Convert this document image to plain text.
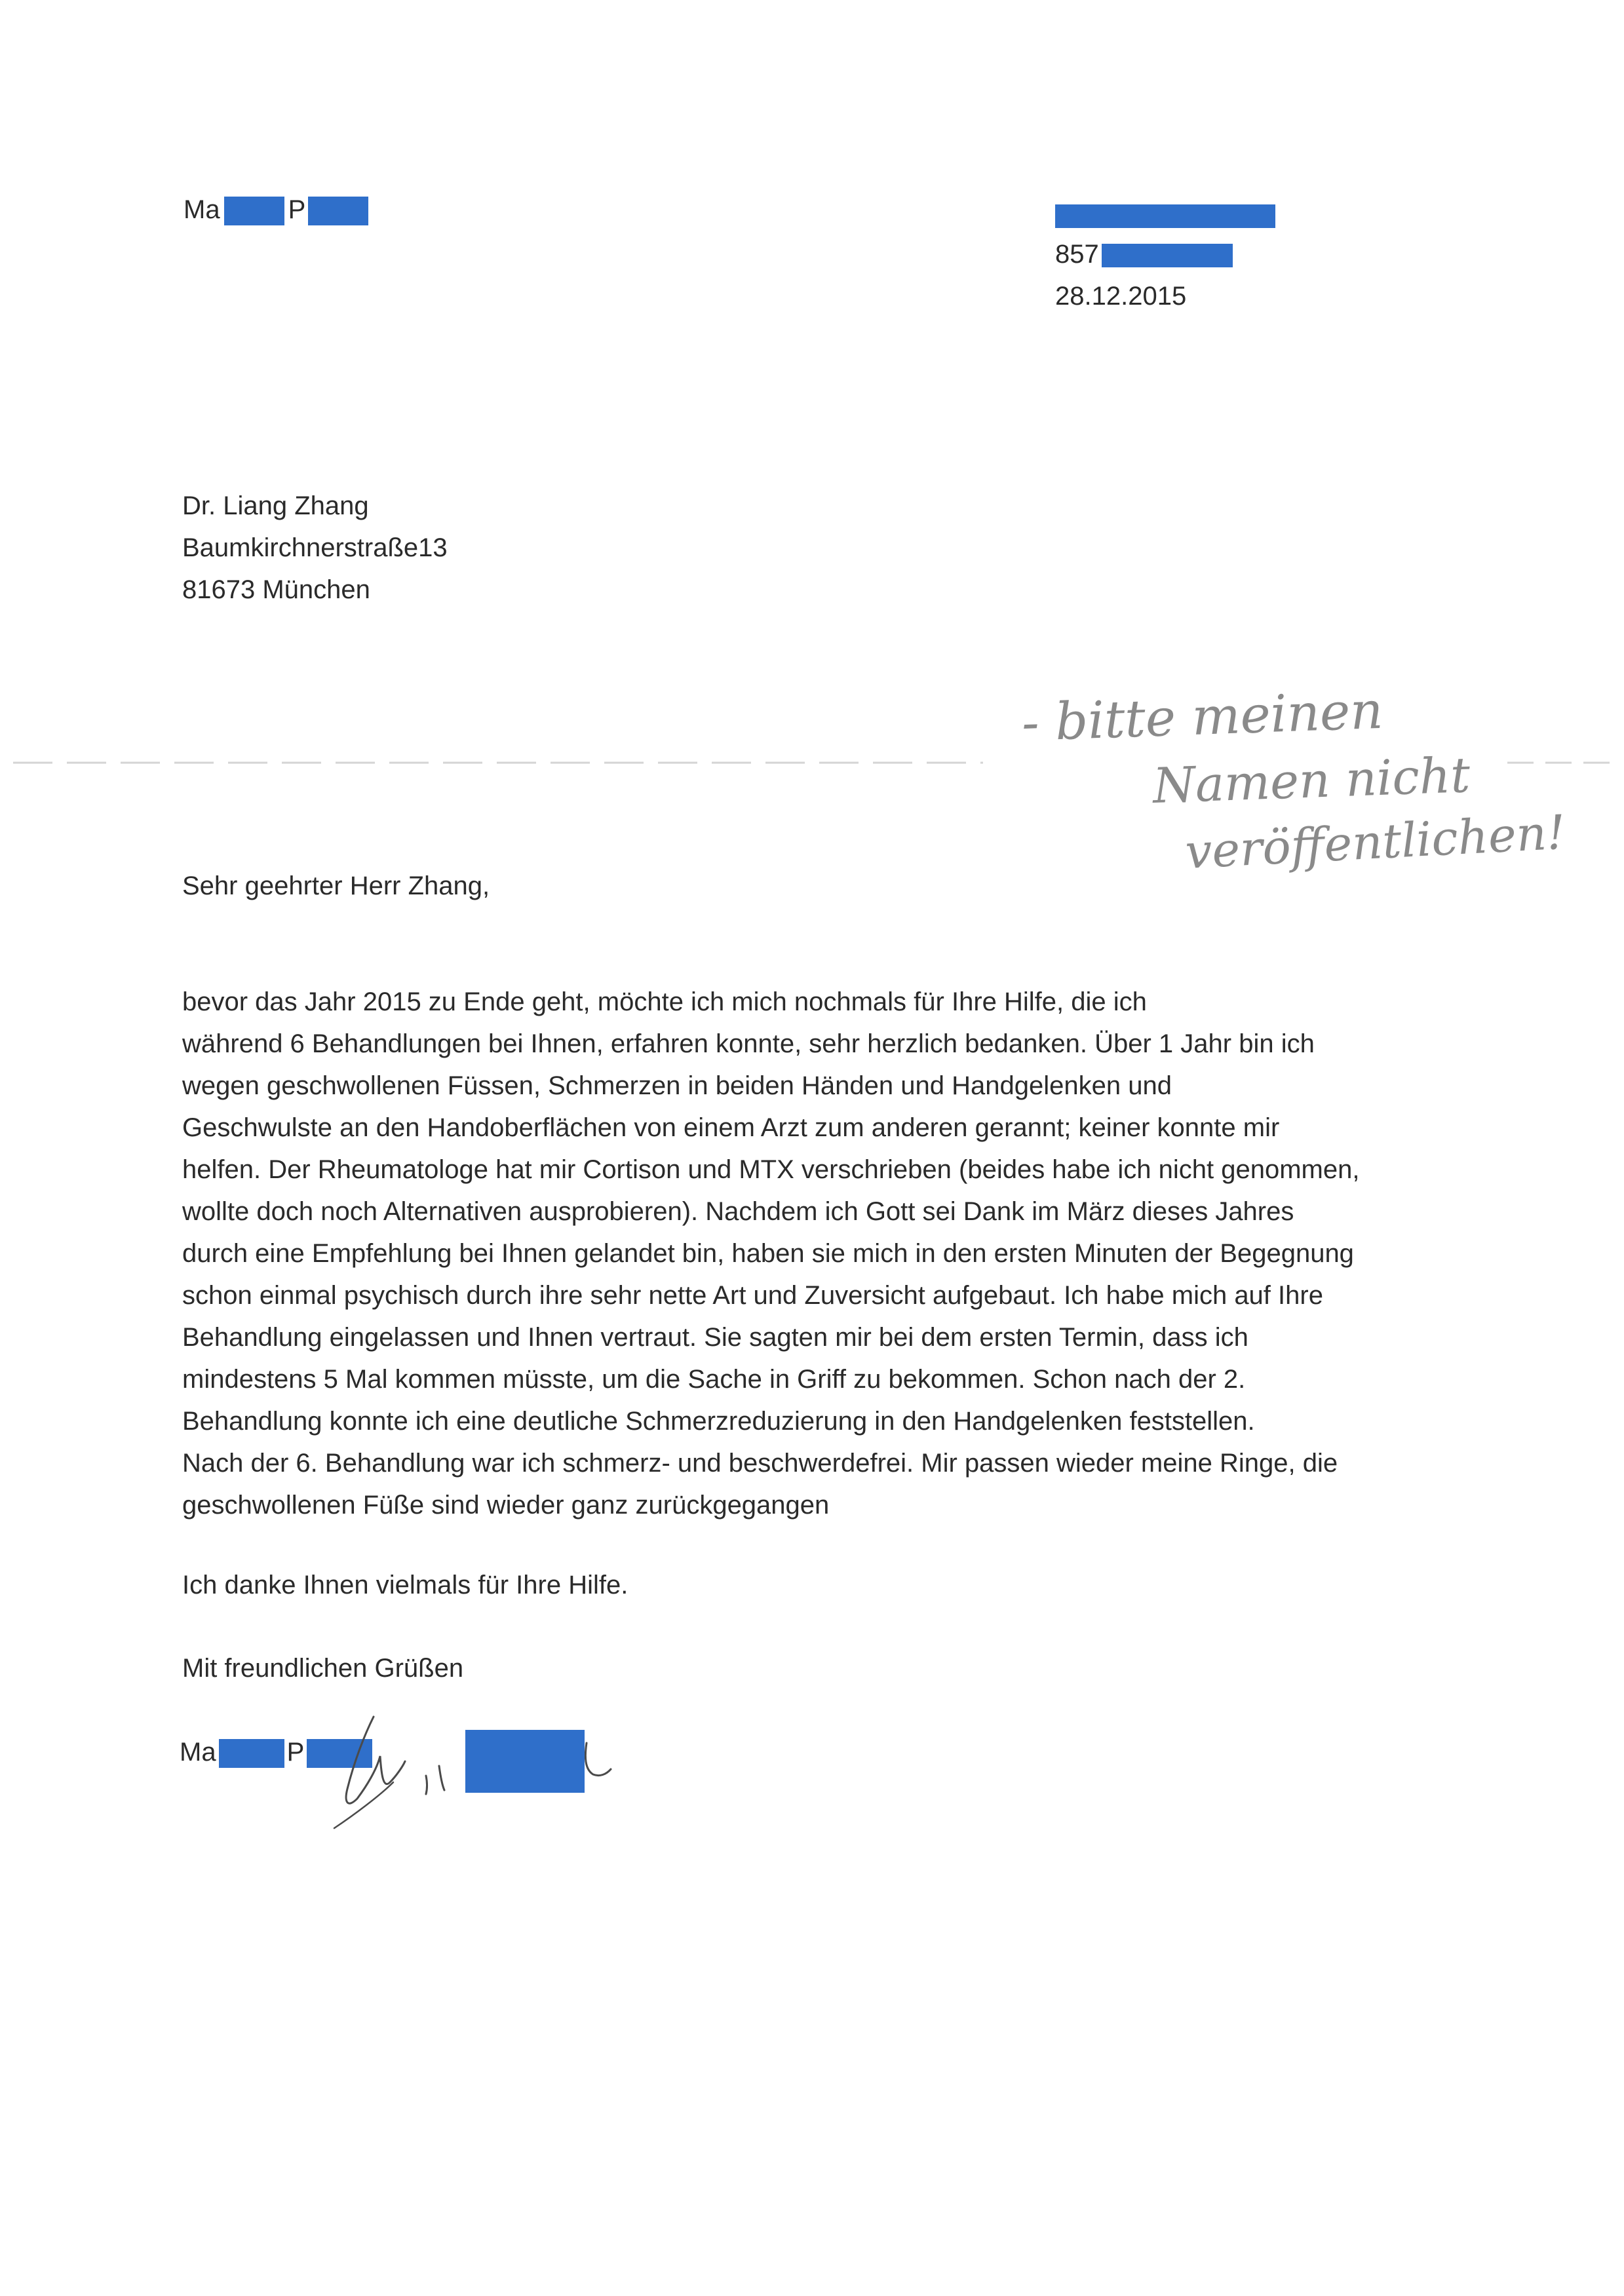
Ma	P
857
28.12.2015
Dr. Liang Zhang
Baumkirchnerstraße13
81673 München
- bitte meinen
Namen nicht
veröffentlichen!
Sehr geehrter Herr Zhang,
bevor das Jahr 2015 zu Ende geht, möchte ich mich nochmals für Ihre Hilfe, die ich
während 6 Behandlungen bei Ihnen, erfahren konnte, sehr herzlich bedanken. Über 1 Jahr bin ich
wegen geschwollenen Füssen, Schmerzen in beiden Händen und Handgelenken und
Geschwulste an den Handoberflächen von einem Arzt zum anderen gerannt; keiner konnte mir
helfen. Der Rheumatologe hat mir Cortison und MTX verschrieben (beides habe ich nicht genommen,
wollte doch noch Alternativen ausprobieren). Nachdem ich Gott sei Dank im März dieses Jahres
durch eine Empfehlung bei Ihnen gelandet bin, haben sie mich in den ersten Minuten der Begegnung
schon einmal psychisch durch ihre sehr nette Art und Zuversicht aufgebaut. Ich habe mich auf Ihre
Behandlung eingelassen und Ihnen vertraut. Sie sagten mir bei dem ersten Termin, dass ich
mindestens 5 Mal kommen müsste, um die Sache in Griff zu bekommen. Schon nach der 2.
Behandlung konnte ich eine deutliche Schmerzreduzierung in den Handgelenken feststellen.
Nach der 6. Behandlung war ich schmerz- und beschwerdefrei. Mir passen wieder meine Ringe, die
geschwollenen Füße sind wieder ganz zurückgegangen
Ich danke Ihnen vielmals für Ihre Hilfe.
Mit freundlichen Grüßen
Ma	P
